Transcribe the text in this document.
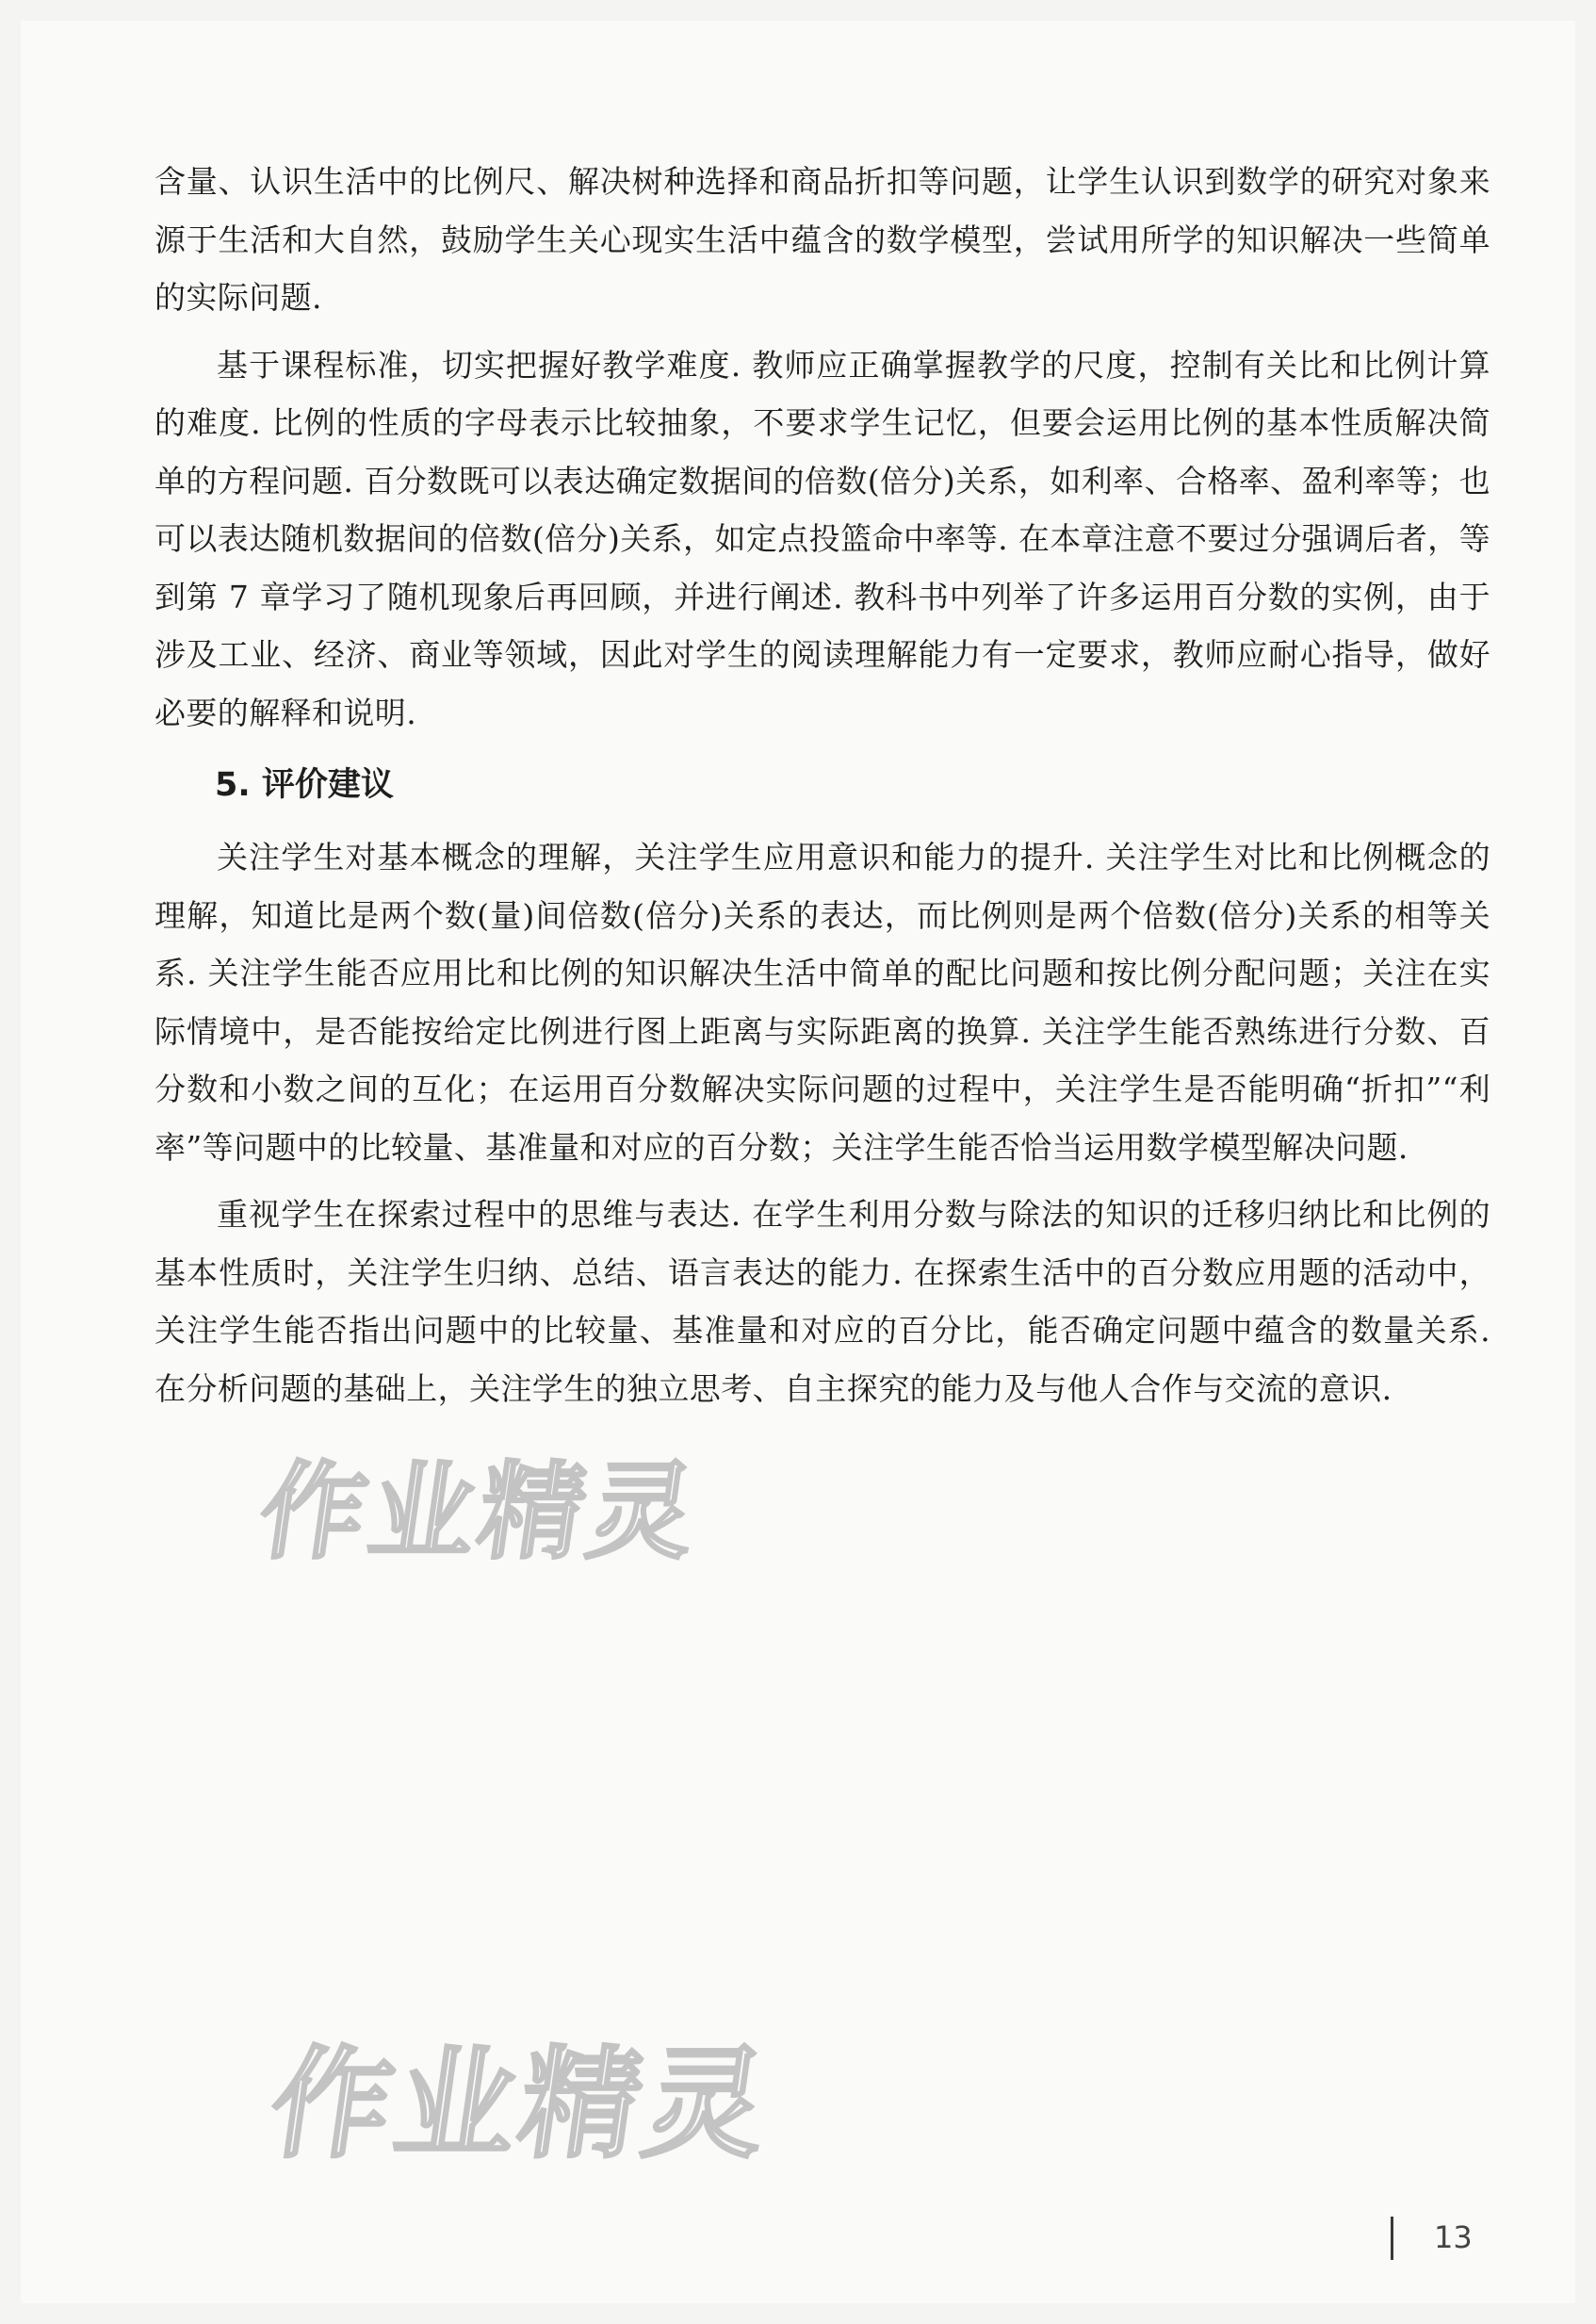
含量、认识生活中的比例尺、解决树种选择和商品折扣等问题，让学生认识到数学的研究对象来源于生活和大自然，鼓励学生关心现实生活中蕴含的数学模型，尝试用所学的知识解决一些简单的实际问题.

基于课程标准，切实把握好教学难度. 教师应正确掌握教学的尺度，控制有关比和比例计算的难度. 比例的性质的字母表示比较抽象，不要求学生记忆，但要会运用比例的基本性质解决简单的方程问题. 百分数既可以表达确定数据间的倍数(倍分)关系，如利率、合格率、盈利率等；也可以表达随机数据间的倍数(倍分)关系，如定点投篮命中率等. 在本章注意不要过分强调后者，等到第 7 章学习了随机现象后再回顾，并进行阐述. 教科书中列举了许多运用百分数的实例，由于涉及工业、经济、商业等领域，因此对学生的阅读理解能力有一定要求，教师应耐心指导，做好必要的解释和说明.

5. 评价建议

关注学生对基本概念的理解，关注学生应用意识和能力的提升. 关注学生对比和比例概念的理解，知道比是两个数(量)间倍数(倍分)关系的表达，而比例则是两个倍数(倍分)关系的相等关系. 关注学生能否应用比和比例的知识解决生活中简单的配比问题和按比例分配问题；关注在实际情境中，是否能按给定比例进行图上距离与实际距离的换算. 关注学生能否熟练进行分数、百分数和小数之间的互化；在运用百分数解决实际问题的过程中，关注学生是否能明确“折扣”“利率”等问题中的比较量、基准量和对应的百分数；关注学生能否恰当运用数学模型解决问题.

重视学生在探索过程中的思维与表达. 在学生利用分数与除法的知识的迁移归纳比和比例的基本性质时，关注学生归纳、总结、语言表达的能力. 在探索生活中的百分数应用题的活动中，关注学生能否指出问题中的比较量、基准量和对应的百分比，能否确定问题中蕴含的数量关系. 在分析问题的基础上，关注学生的独立思考、自主探究的能力及与他人合作与交流的意识.

作业精灵
作业精灵
13
